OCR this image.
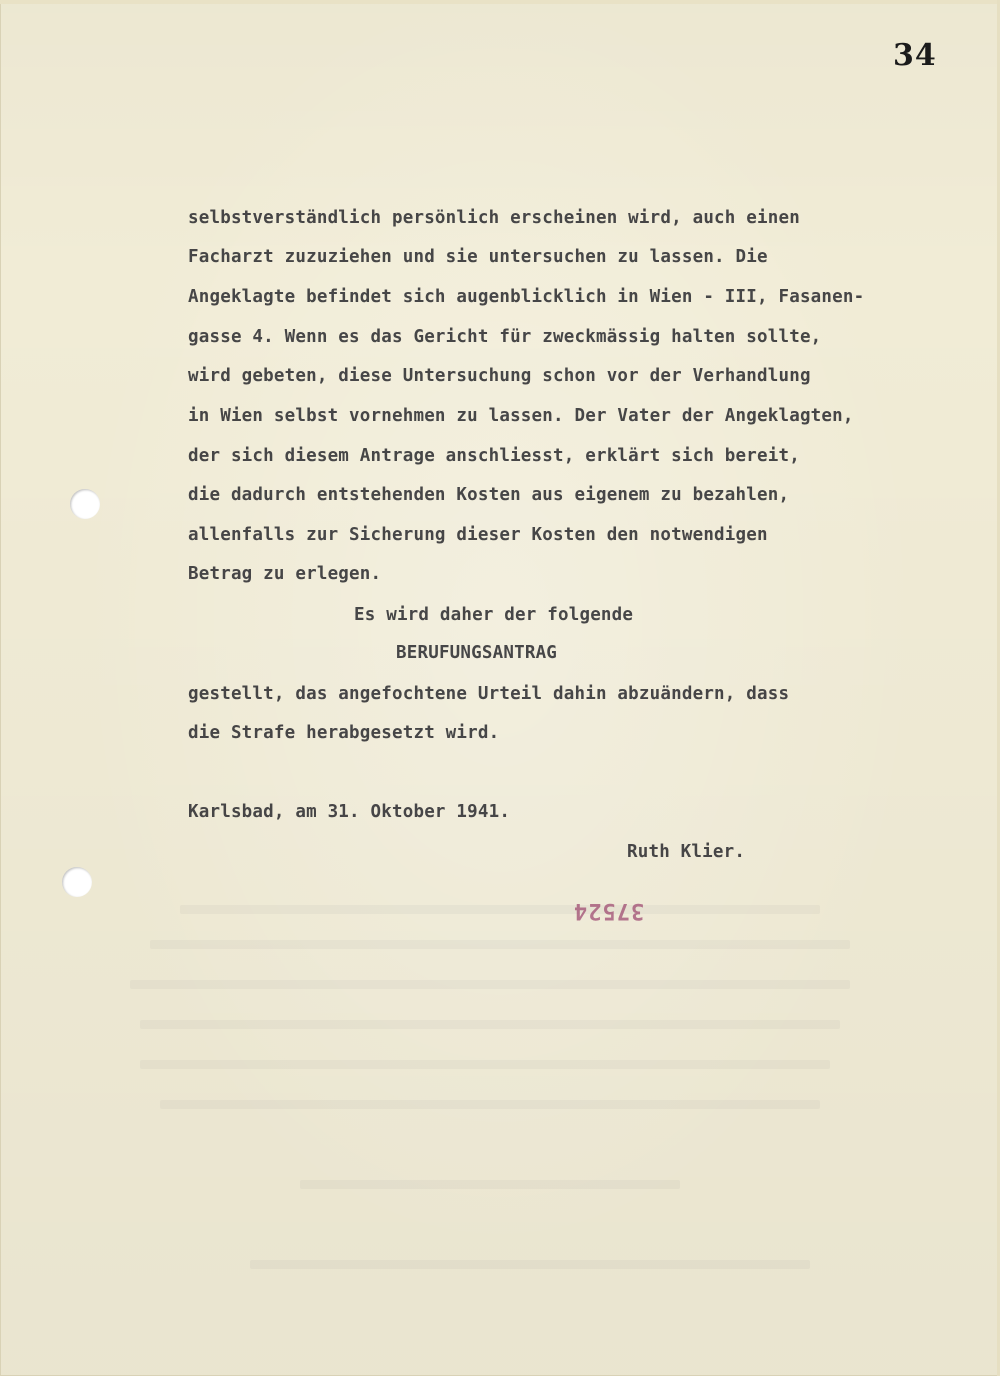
34
selbstverständlich persönlich erscheinen wird, auch einen
Facharzt zuzuziehen und sie untersuchen zu lassen. Die
Angeklagte befindet sich augenblicklich in Wien - III, Fasanen-
gasse 4. Wenn es das Gericht für zweckmässig halten sollte,
wird gebeten, diese Untersuchung schon vor der Verhandlung
in Wien selbst vornehmen zu lassen. Der Vater der Angeklagten,
der sich diesem Antrage anschliesst, erklärt sich bereit,
die dadurch entstehenden Kosten aus eigenem zu bezahlen,
allenfalls zur Sicherung dieser Kosten den notwendigen
Betrag zu erlegen.
Es wird daher der folgende
BERUFUNGSANTRAG
gestellt, das angefochtene Urteil dahin abzuändern, dass
die Strafe herabgesetzt wird.
Karlsbad, am 31. Oktober 1941.
Ruth Klier.
37524
